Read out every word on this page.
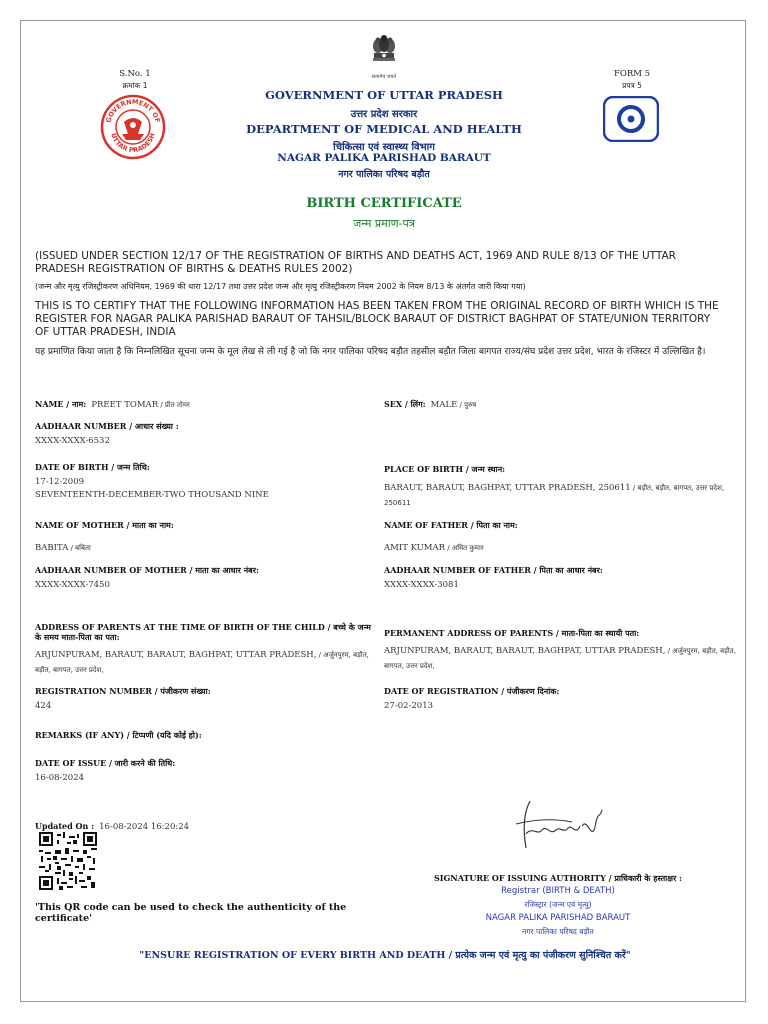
S.No. 1
क्रमांक 1
FORM 5
प्रपत्र 5
सत्यमेव जयते
GOVERNMENT OF
UTTAR PRADESH
GOVERNMENT OF UTTAR PRADESH
उत्तर प्रदेश सरकार
DEPARTMENT OF MEDICAL AND HEALTH
चिकित्सा एवं स्वास्थ्य विभाग
NAGAR PALIKA PARISHAD BARAUT
नगर पालिका परिषद बड़ौत
BIRTH CERTIFICATE
जन्म प्रमाण-पत्र
(ISSUED UNDER SECTION 12/17 OF THE REGISTRATION OF BIRTHS AND DEATHS ACT, 1969 AND RULE 8/13 OF THE UTTAR PRADESH REGISTRATION OF BIRTHS & DEATHS RULES 2002)
(जन्म और मृत्यु रजिस्ट्रीकरण अधिनियम, 1969 की धारा 12/17 तथा उत्तर प्रदेश जन्म और मृत्यु रजिस्ट्रीकरण नियम 2002 के नियम 8/13 के अंतर्गत जारी किया गया)
THIS IS TO CERTIFY THAT THE FOLLOWING INFORMATION HAS BEEN TAKEN FROM THE ORIGINAL RECORD OF BIRTH WHICH IS THE REGISTER FOR NAGAR PALIKA PARISHAD BARAUT OF TAHSIL/BLOCK BARAUT OF DISTRICT BAGHPAT OF STATE/UNION TERRITORY OF UTTAR PRADESH, INDIA
यह प्रमाणित किया जाता है कि निम्नलिखित सूचना जन्म के मूल लेख से ली गई है जो कि नगर पालिका परिषद बड़ौत तहसील बड़ौत जिला बागपत राज्य/संघ प्रदेश उत्तर प्रदेश, भारत के रजिस्टर में उल्लिखित है।
NAME / नाम: PREET TOMAR / प्रीत तोमर	SEX / लिंग: MALE / पुरुष
AADHAAR NUMBER / आधार संख्या :
XXXX-XXXX-6532
DATE OF BIRTH / जन्म तिथि:
17-12-2009
SEVENTEENTH-DECEMBER-TWO THOUSAND NINE
PLACE OF BIRTH / जन्म स्थान:
BARAUT, BARAUT, BAGHPAT, UTTAR PRADESH, 250611 / बड़ौत, बड़ौत, बागपत, उत्तर प्रदेश, 250611
NAME OF MOTHER / माता का नाम:
BABITA / बबिता
NAME OF FATHER / पिता का नाम:
AMIT KUMAR / अमित कुमार
AADHAAR NUMBER OF MOTHER / माता का आधार नंबर:
XXXX-XXXX-7450
AADHAAR NUMBER OF FATHER / पिता का आधार नंबर:
XXXX-XXXX-3081
ADDRESS OF PARENTS AT THE TIME OF BIRTH OF THE CHILD / बच्चे के जन्म के समय माता-पिता का पता:
ARJUNPURAM, BARAUT, BARAUT, BAGHPAT, UTTAR PRADESH, / अर्जुनपुरम, बड़ौत, बड़ौत, बागपत, उत्तर प्रदेश,
PERMANENT ADDRESS OF PARENTS / माता-पिता का स्थायी पता:
ARJUNPURAM, BARAUT, BARAUT, BAGHPAT, UTTAR PRADESH, / अर्जुनपुरम, बड़ौत, बड़ौत, बागपत, उत्तर प्रदेश,
REGISTRATION NUMBER / पंजीकरण संख्या:
424
DATE OF REGISTRATION / पंजीकरण दिनांक:
27-02-2013
REMARKS (IF ANY) / टिप्पणी (यदि कोई हो):
DATE OF ISSUE / जारी करने की तिथि:
16-08-2024
Updated On : 16-08-2024 16:20:24
'This QR code can be used to check the authenticity of the certificate'
SIGNATURE OF ISSUING AUTHORITY / प्राधिकारी के हस्ताक्षर :
Registrar (BIRTH & DEATH)
रजिस्ट्रार (जन्म एवं मृत्यु)
NAGAR PALIKA PARISHAD BARAUT
नगर पालिका परिषद बड़ौत
"ENSURE REGISTRATION OF EVERY BIRTH AND DEATH / प्रत्येक जन्म एवं मृत्यु का पंजीकरण सुनिश्चित करें"
